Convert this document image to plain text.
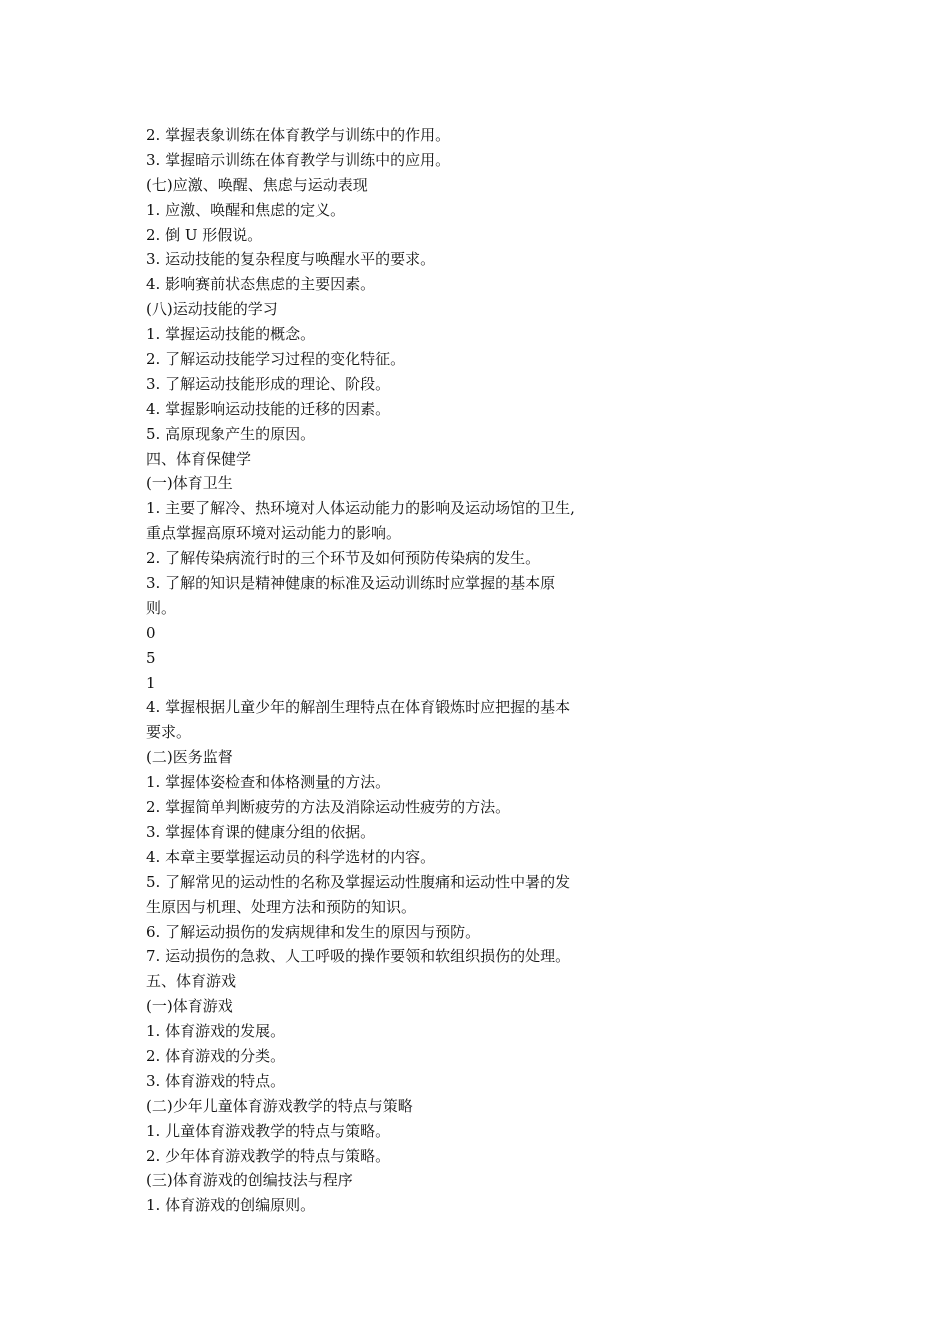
2. 掌握表象训练在体育教学与训练中的作用。
3. 掌握暗示训练在体育教学与训练中的应用。
(七)应激、唤醒、焦虑与运动表现
1. 应激、唤醒和焦虑的定义。
2. 倒 U 形假说。
3. 运动技能的复杂程度与唤醒水平的要求。
4. 影响赛前状态焦虑的主要因素。
(八)运动技能的学习
1. 掌握运动技能的概念。
2. 了解运动技能学习过程的变化特征。
3. 了解运动技能形成的理论、阶段。
4. 掌握影响运动技能的迁移的因素。
5. 高原现象产生的原因。
四、体育保健学
(一)体育卫生
1. 主要了解冷、热环境对人体运动能力的影响及运动场馆的卫生,
重点掌握高原环境对运动能力的影响。
2. 了解传染病流行时的三个环节及如何预防传染病的发生。
3. 了解的知识是精神健康的标准及运动训练时应掌握的基本原
则。
0
5
1
4. 掌握根据儿童少年的解剖生理特点在体育锻炼时应把握的基本
要求。
(二)医务监督
1. 掌握体姿检查和体格测量的方法。
2. 掌握简单判断疲劳的方法及消除运动性疲劳的方法。
3. 掌握体育课的健康分组的依据。
4. 本章主要掌握运动员的科学选材的内容。
5. 了解常见的运动性的名称及掌握运动性腹痛和运动性中暑的发
生原因与机理、处理方法和预防的知识。
6. 了解运动损伤的发病规律和发生的原因与预防。
7. 运动损伤的急救、人工呼吸的操作要领和软组织损伤的处理。
五、体育游戏
(一)体育游戏
1. 体育游戏的发展。
2. 体育游戏的分类。
3. 体育游戏的特点。
(二)少年儿童体育游戏教学的特点与策略
1. 儿童体育游戏教学的特点与策略。
2. 少年体育游戏教学的特点与策略。
(三)体育游戏的创编技法与程序
1. 体育游戏的创编原则。
